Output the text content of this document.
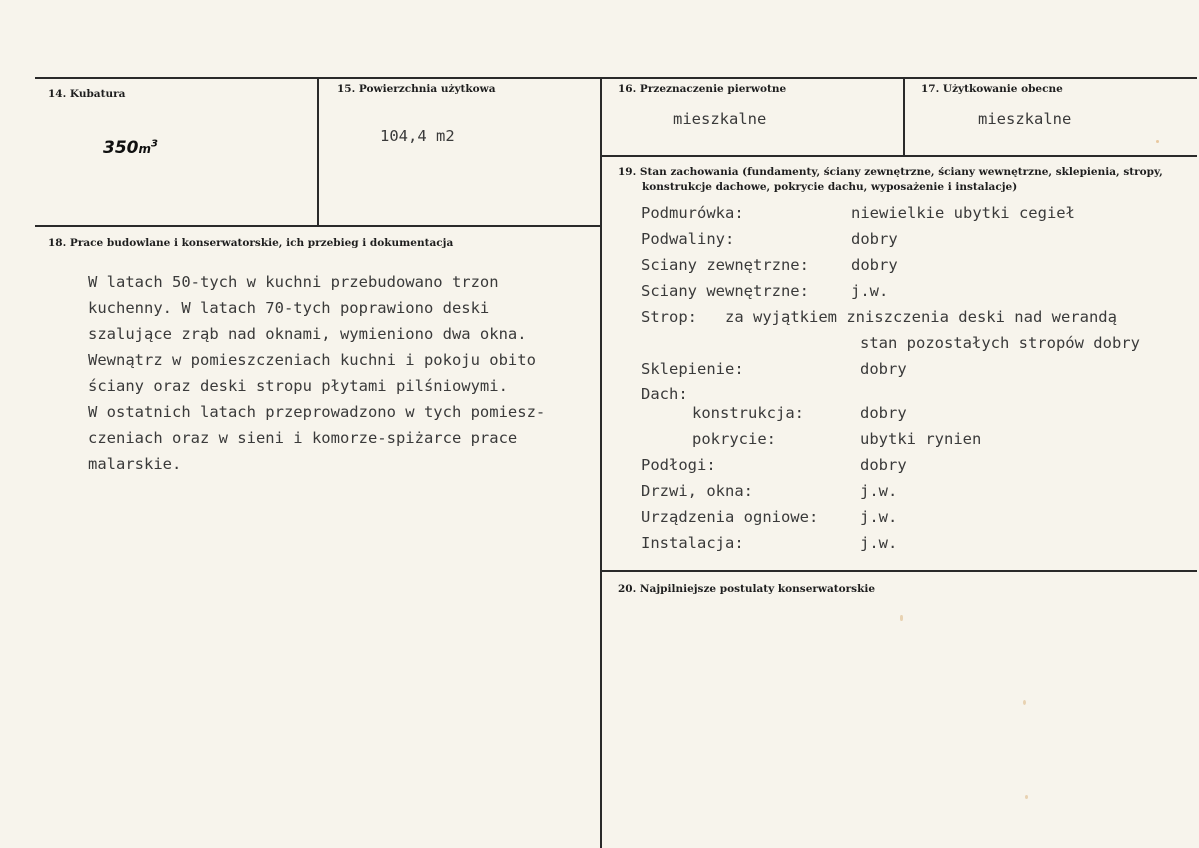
14. Kubatura
$350m^3$
15. Powierzchnia użytkowa
104,4 m2
16. Przeznaczenie pierwotne
mieszkalne
17. Użytkowanie obecne
mieszkalne
18. Prace budowlane i konserwatorskie, ich przebieg i dokumentacja
W latach 50-tych w kuchni przebudowano trzon
kuchenny. W latach 70-tych poprawiono deski
szalujące zrąb nad oknami, wymieniono dwa okna.
Wewnątrz w pomieszczeniach kuchni i pokoju obito
ściany oraz deski stropu płytami pilśniowymi.
W ostatnich latach przeprowadzono w tych pomiesz-
czeniach oraz w sieni i komorze-spiżarce prace
malarskie.
19. Stan zachowania (fundamenty, ściany zewnętrzne, ściany wewnętrzne, sklepienia, stropy,
konstrukcje dachowe, pokrycie dachu, wyposażenie i instalacje)
Podmurówka:	niewielkie ubytki cegieł
Podwaliny:	dobry
Sciany zewnętrzne:	dobry
Sciany wewnętrzne:	j.w.
Strop: za wyjątkiem zniszczenia deski nad werandą
stan pozostałych stropów dobry
Sklepienie:	dobry
Dach:
konstrukcja:	dobry
pokrycie:	ubytki rynien
Podłogi:	dobry
Drzwi, okna:	j.w.
Urządzenia ogniowe:	j.w.
Instalacja:	j.w.
20. Najpilniejsze postulaty konserwatorskie
